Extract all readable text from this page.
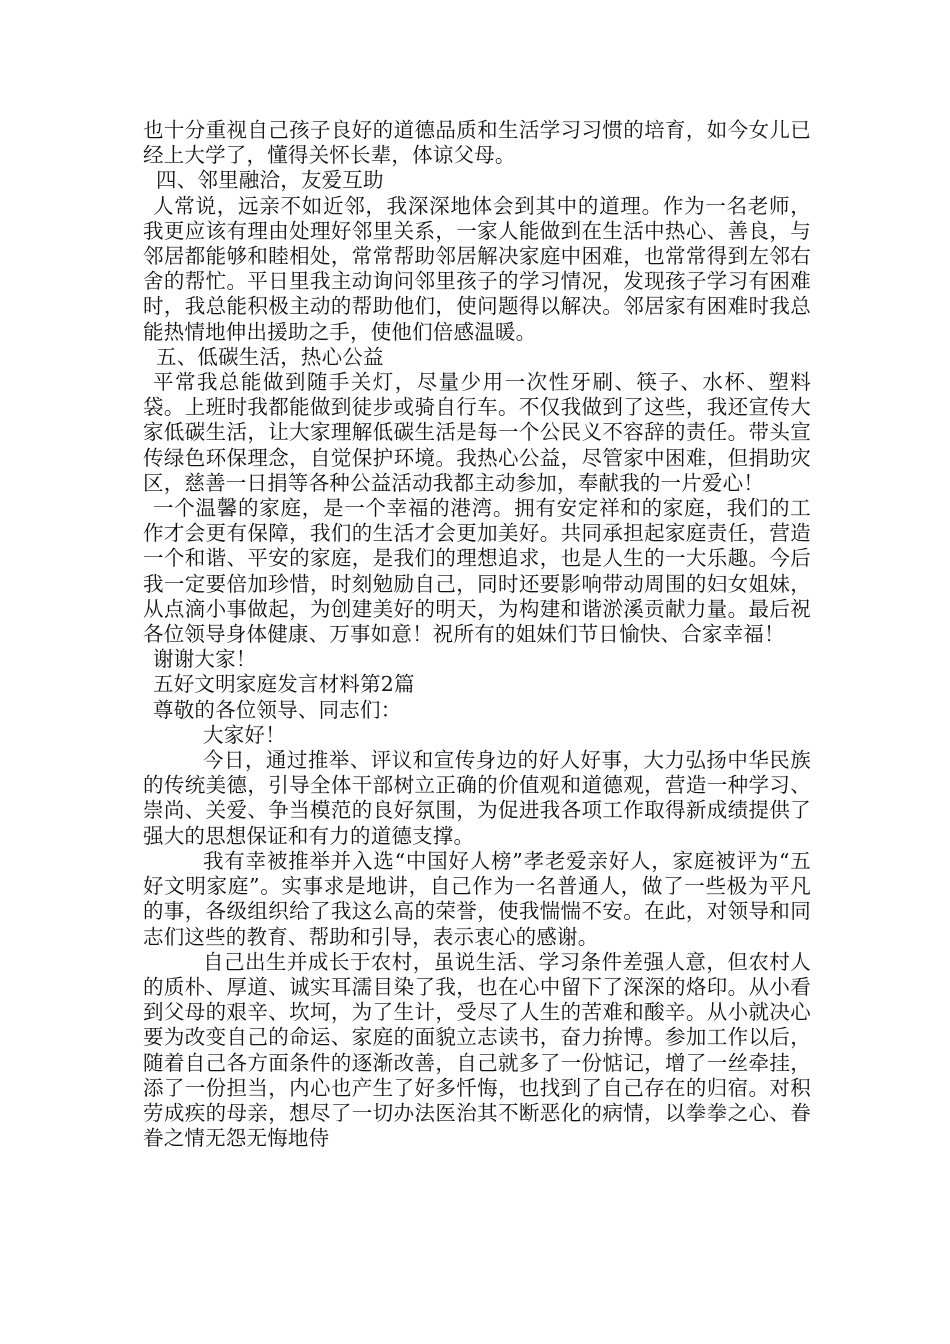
也十分重视自己孩子良好的道德品质和生活学习习惯的培育，如今女儿已经上大学了，懂得关怀长辈，体谅父母。

四、邻里融洽，友爱互助

人常说，远亲不如近邻，我深深地体会到其中的道理。作为一名老师，我更应该有理由处理好邻里关系，一家人能做到在生活中热心、善良，与邻居都能够和睦相处，常常帮助邻居解决家庭中困难，也常常得到左邻右舍的帮忙。平日里我主动询问邻里孩子的学习情况，发现孩子学习有困难时，我总能积极主动的帮助他们，使问题得以解决。邻居家有困难时我总能热情地伸出援助之手，使他们倍感温暖。

五、低碳生活，热心公益

平常我总能做到随手关灯，尽量少用一次性牙刷、筷子、水杯、塑料袋。上班时我都能做到徒步或骑自行车。不仅我做到了这些，我还宣传大家低碳生活，让大家理解低碳生活是每一个公民义不容辞的责任。带头宣传绿色环保理念，自觉保护环境。我热心公益，尽管家中困难，但捐助灾区，慈善一日捐等各种公益活动我都主动参加，奉献我的一片爱心！

一个温馨的家庭，是一个幸福的港湾。拥有安定祥和的家庭，我们的工作才会更有保障，我们的生活才会更加美好。共同承担起家庭责任，营造一个和谐、平安的家庭，是我们的理想追求，也是人生的一大乐趣。今后我一定要倍加珍惜，时刻勉励自己，同时还要影响带动周围的妇女姐妹，从点滴小事做起，为创建美好的明天，为构建和谐淤溪贡献力量。最后祝各位领导身体健康、万事如意！祝所有的姐妹们节日愉快、合家幸福！

谢谢大家！

五好文明家庭发言材料第2篇

尊敬的各位领导、同志们：

大家好！

今日，通过推举、评议和宣传身边的好人好事，大力弘扬中华民族的传统美德，引导全体干部树立正确的价值观和道德观，营造一种学习、崇尚、关爱、争当模范的良好氛围，为促进我各项工作取得新成绩提供了强大的思想保证和有力的道德支撑。

我有幸被推举并入选“中国好人榜”孝老爱亲好人，家庭被评为“五好文明家庭”。实事求是地讲，自己作为一名普通人，做了一些极为平凡的事，各级组织给了我这么高的荣誉，使我惴惴不安。在此，对领导和同志们这些的教育、帮助和引导，表示衷心的感谢。

自己出生并成长于农村，虽说生活、学习条件差强人意，但农村人的质朴、厚道、诚实耳濡目染了我，也在心中留下了深深的烙印。从小看到父母的艰辛、坎坷，为了生计，受尽了人生的苦难和酸辛。从小就决心要为改变自己的命运、家庭的面貌立志读书，奋力拚博。参加工作以后，随着自己各方面条件的逐渐改善，自己就多了一份惦记，增了一丝牵挂，添了一份担当，内心也产生了好多忏悔，也找到了自己存在的归宿。对积劳成疾的母亲，想尽了一切办法医治其不断恶化的病情，以拳拳之心、眷眷之情无怨无悔地侍
